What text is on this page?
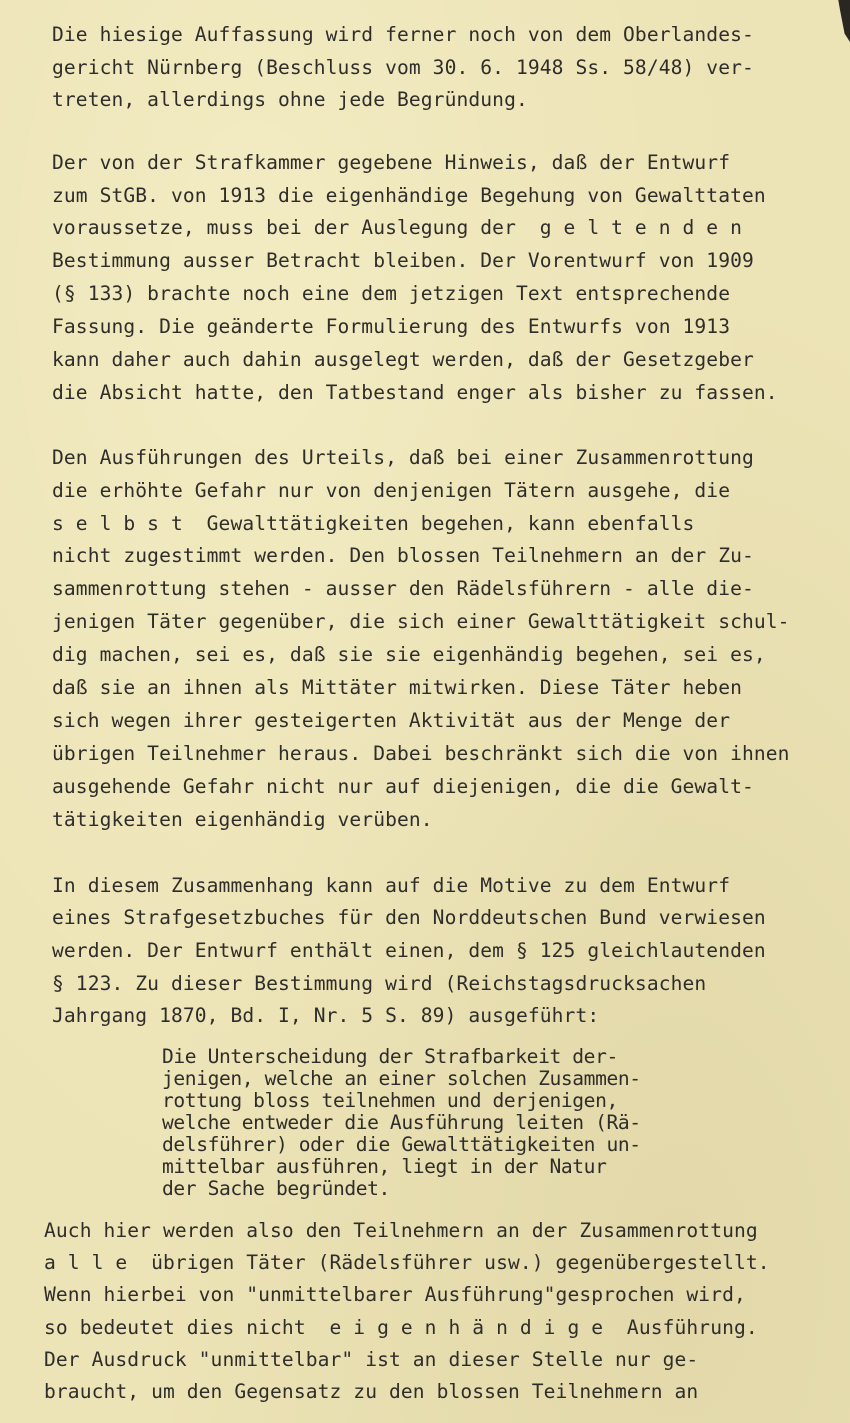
Die hiesige Auffassung wird ferner noch von dem Oberlandes-
gericht Nürnberg (Beschluss vom 30. 6. 1948 Ss. 58/48) ver-
treten, allerdings ohne jede Begründung.
Der von der Strafkammer gegebene Hinweis, daß der Entwurf
zum StGB. von 1913 die eigenhändige Begehung von Gewalttaten
voraussetze, muss bei der Auslegung der  g e l t e n d e n
Bestimmung ausser Betracht bleiben. Der Vorentwurf von 1909
(§ 133) brachte noch eine dem jetzigen Text entsprechende
Fassung. Die geänderte Formulierung des Entwurfs von 1913
kann daher auch dahin ausgelegt werden, daß der Gesetzgeber
die Absicht hatte, den Tatbestand enger als bisher zu fassen.
Den Ausführungen des Urteils, daß bei einer Zusammenrottung
die erhöhte Gefahr nur von denjenigen Tätern ausgehe, die
s e l b s t  Gewalttätigkeiten begehen, kann ebenfalls
nicht zugestimmt werden. Den blossen Teilnehmern an der Zu-
sammenrottung stehen - ausser den Rädelsführern - alle die-
jenigen Täter gegenüber, die sich einer Gewalttätigkeit schul-
dig machen, sei es, daß sie sie eigenhändig begehen, sei es,
daß sie an ihnen als Mittäter mitwirken. Diese Täter heben
sich wegen ihrer gesteigerten Aktivität aus der Menge der
übrigen Teilnehmer heraus. Dabei beschränkt sich die von ihnen
ausgehende Gefahr nicht nur auf diejenigen, die die Gewalt-
tätigkeiten eigenhändig verüben.
In diesem Zusammenhang kann auf die Motive zu dem Entwurf
eines Strafgesetzbuches für den Norddeutschen Bund verwiesen
werden. Der Entwurf enthält einen, dem § 125 gleichlautenden
§ 123. Zu dieser Bestimmung wird (Reichstagsdrucksachen
Jahrgang 1870, Bd. I, Nr. 5 S. 89) ausgeführt:
Die Unterscheidung der Strafbarkeit der-
jenigen, welche an einer solchen Zusammen-
rottung bloss teilnehmen und derjenigen,
welche entweder die Ausführung leiten (Rä-
delsführer) oder die Gewalttätigkeiten un-
mittelbar ausführen, liegt in der Natur
der Sache begründet.
Auch hier werden also den Teilnehmern an der Zusammenrottung
a l l e  übrigen Täter (Rädelsführer usw.) gegenübergestellt.
Wenn hierbei von "unmittelbarer Ausführung"gesprochen wird,
so bedeutet dies nicht  e i g e n h ä n d i g e  Ausführung.
Der Ausdruck "unmittelbar" ist an dieser Stelle nur ge-
braucht, um den Gegensatz zu den blossen Teilnehmern an
